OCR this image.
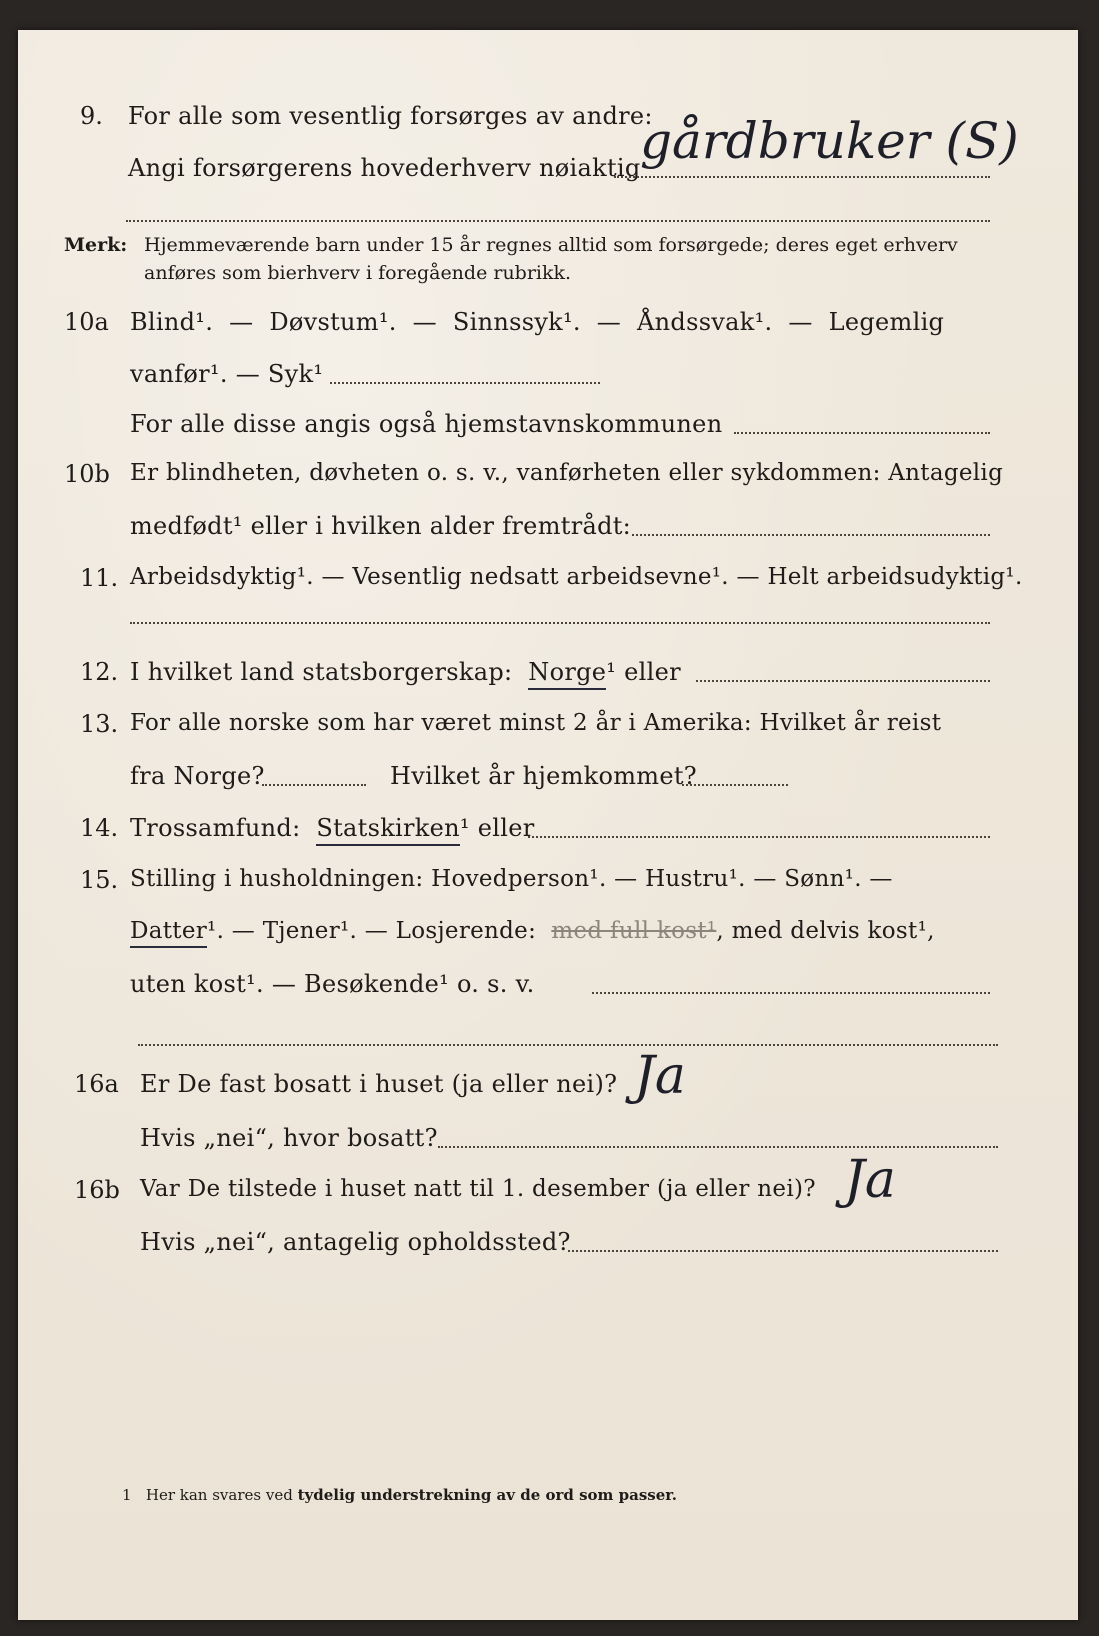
9. For alle som vesentlig forsørges av andre:
Angi forsørgerens hovederhverv nøiaktig gårdbruker (S)
Merk: Hjemmeværende barn under 15 år regnes alltid som forsørgede; deres eget erhverv
anføres som bierhverv i foregående rubrikk.
10a Blind¹. — Døvstum¹. — Sinnssyk¹. — Åndssvak¹. — Legemlig
vanfør¹. — Syk¹
For alle disse angis også hjemstavnskommunen
10b Er blindheten, døvheten o. s. v., vanførheten eller sykdommen: Antagelig
medfødt¹ eller i hvilken alder fremtrådt:
11. Arbeidsdyktig¹. — Vesentlig nedsatt arbeidsevne¹. — Helt arbeidsudyktig¹.
12. I hvilket land statsborgerskap: Norge¹ eller
13. For alle norske som har været minst 2 år i Amerika: Hvilket år reist
fra Norge?	Hvilket år hjemkommet?
14. Trossamfund: Statskirken¹ eller
15. Stilling i husholdningen: Hovedperson¹. — Hustru¹. — Sønn¹. —
Datter¹. — Tjener¹. — Losjerende: med full kost¹, med delvis kost¹,
uten kost¹. — Besøkende¹ o. s. v.
16a Er De fast bosatt i huset (ja eller nei)? Ja
Hvis „nei“, hvor bosatt?
16b Var De tilstede i huset natt til 1. desember (ja eller nei)? Ja
Hvis „nei“, antagelig opholdssted?
1 Her kan svares ved tydelig understrekning av de ord som passer.
